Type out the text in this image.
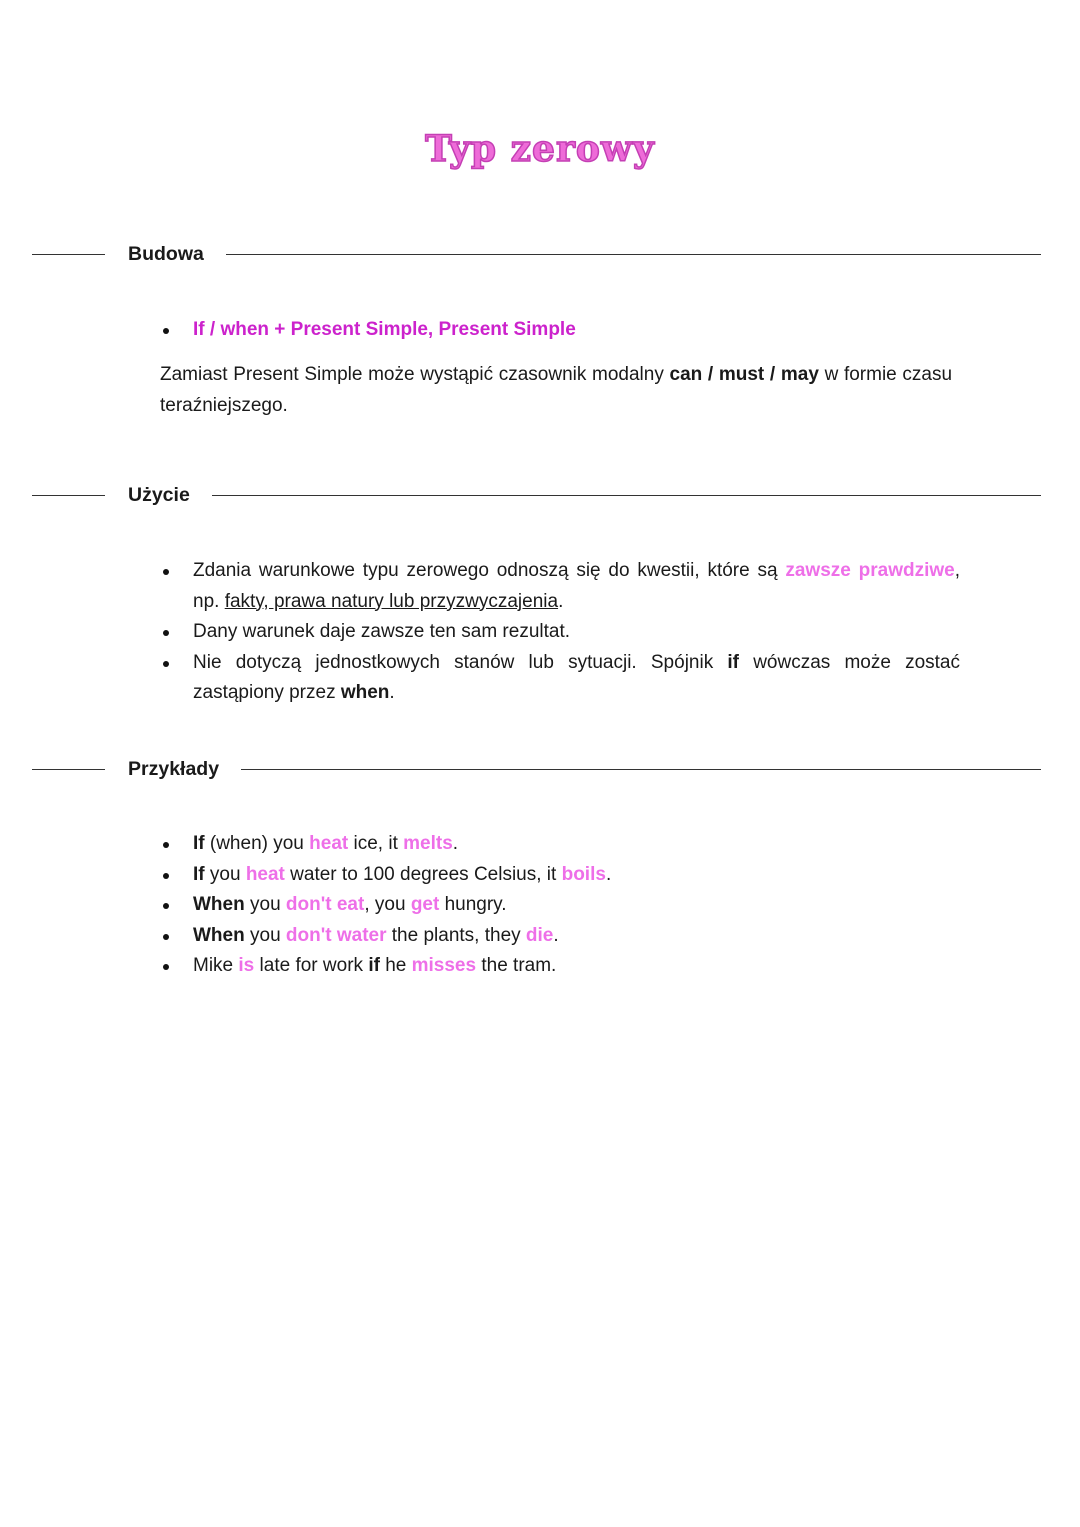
Typ zerowy
Budowa
If / when + Present Simple, Present Simple

Zamiast Present Simple może wystąpić czasownik modalny can / must / may w formie czasu teraźniejszego.

Użycie
Zdania warunkowe typu zerowego odnoszą się do kwestii, które są zawsze prawdziwe, np. fakty, prawa natury lub przyzwyczajenia.
Dany warunek daje zawsze ten sam rezultat.
Nie dotyczą jednostkowych stanów lub sytuacji. Spójnik if wówczas może zostać zastąpiony przez when.
Przykłady
If (when) you heat ice, it melts.
If you heat water to 100 degrees Celsius, it boils.
When you don't eat, you get hungry.
When you don't water the plants, they die.
Mike is late for work if he misses the tram.
